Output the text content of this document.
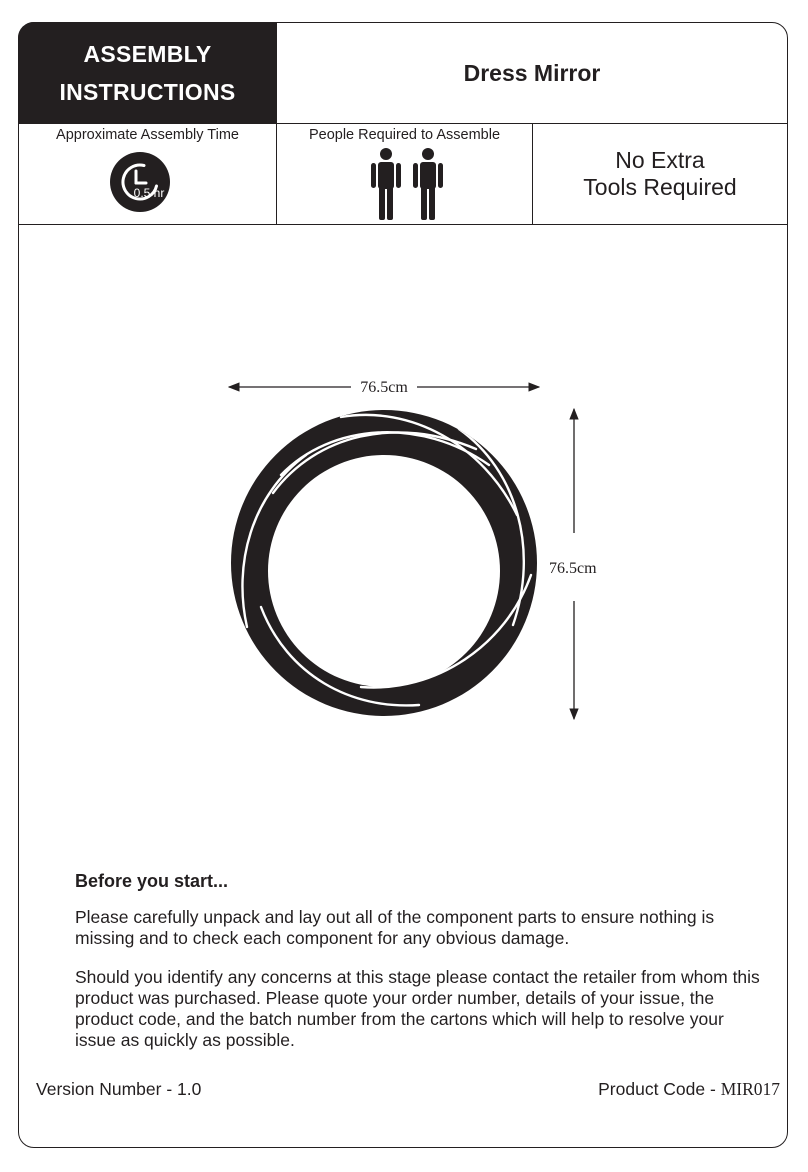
ASSEMBLY
INSTRUCTIONS
Dress Mirror
Approximate Assembly Time
0.5 hr
People Required to Assemble
No Extra
Tools Required
76.5cm
76.5cm
Before you start...

Please carefully unpack and lay out all of the component parts to ensure nothing is missing and to check each component for any obvious damage.

Should you identify any concerns at this stage please contact the retailer from whom this product was purchased. Please quote your order number, details of your issue, the product code, and the batch number from the cartons which will help to resolve your issue as quickly as possible.

Version Number - 1.0	Product Code - MIR017
